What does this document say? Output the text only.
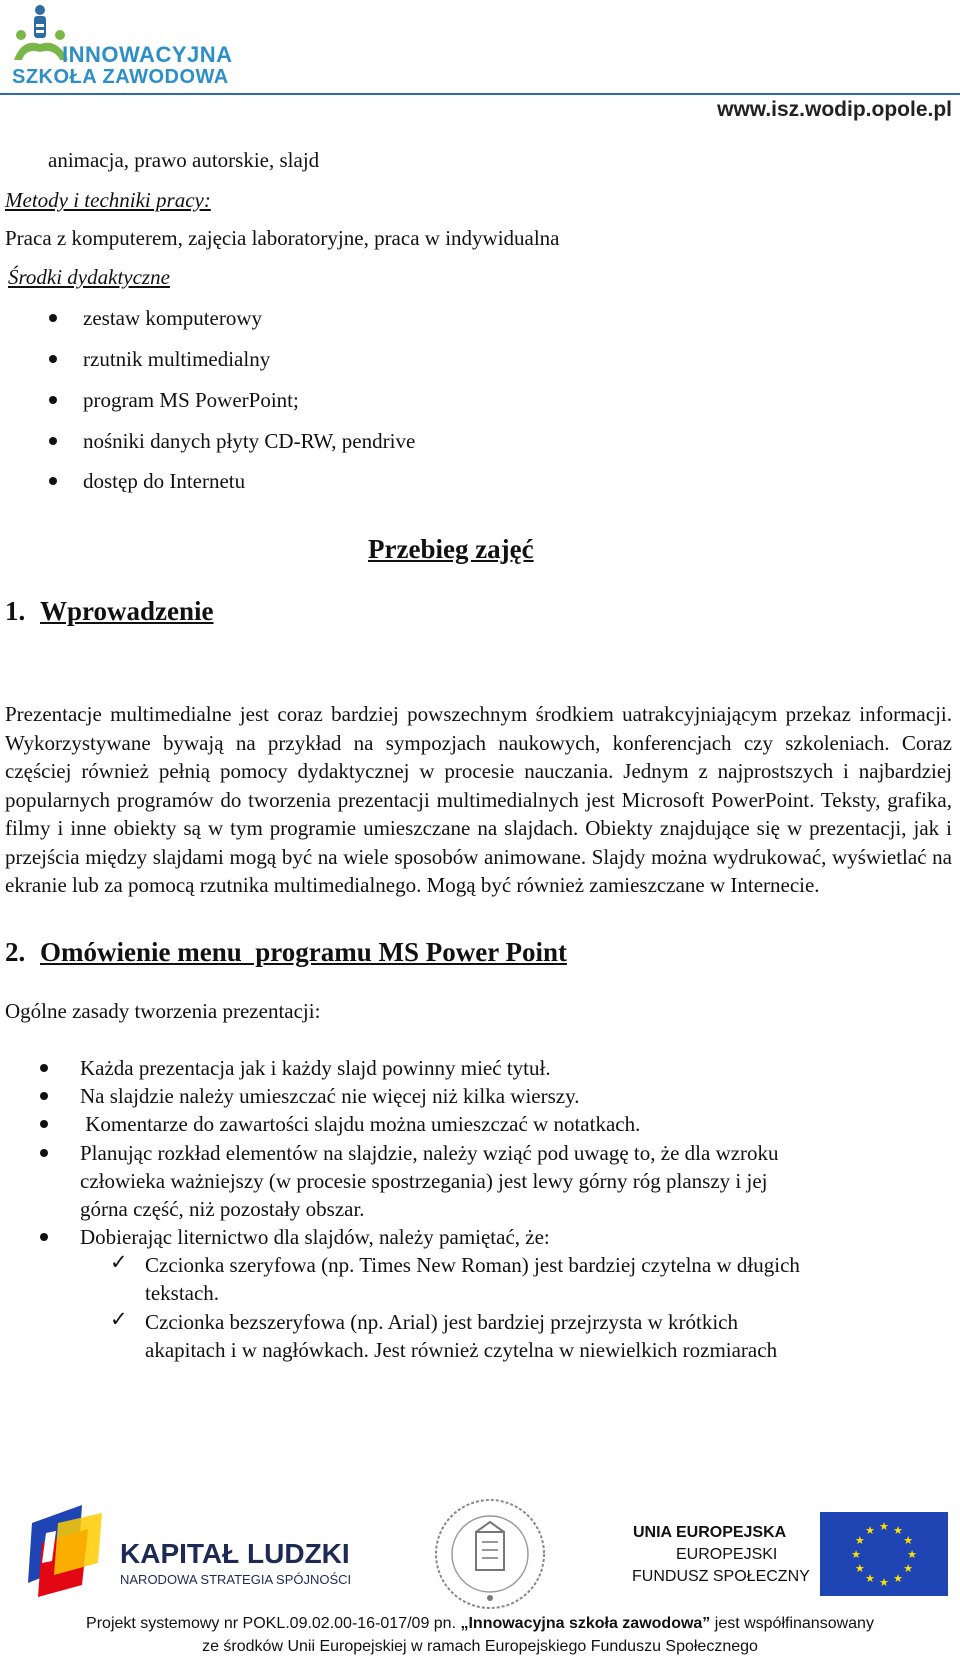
INNOWACYJNA
SZKOŁA ZAWODOWA
www.isz.wodip.opole.pl
animacja, prawo autorskie, slajd
Metody i techniki pracy:
Praca z komputerem, zajęcia laboratoryjne, praca w indywidualna
Środki dydaktyczne
zestaw komputerowy
rzutnik multimedialny
program MS PowerPoint;
nośniki danych płyty CD-RW, pendrive
dostęp do Internetu
Przebieg zajęć
1. Wprowadzenie
Prezentacje multimedialne jest coraz bardziej powszechnym środkiem uatrakcyjniającym przekaz informacji. Wykorzystywane bywają na przykład na sympozjach naukowych, konferencjach czy szkoleniach. Coraz częściej również pełnią pomocy dydaktycznej w procesie nauczania. Jednym z najprostszych i najbardziej popularnych programów do tworzenia prezentacji multimedialnych jest Microsoft PowerPoint. Teksty, grafika, filmy i inne obiekty są w tym programie umieszczane na slajdach. Obiekty znajdujące się w prezentacji, jak i przejścia między slajdami mogą być na wiele sposobów animowane. Slajdy można wydrukować, wyświetlać na ekranie lub za pomocą rzutnika multimedialnego. Mogą być również zamieszczane w Internecie.
2. Omówienie menu  programu MS Power Point
Ogólne zasady tworzenia prezentacji:
Każda prezentacja jak i każdy slajd powinny mieć tytuł.
Na slajdzie należy umieszczać nie więcej niż kilka wierszy.
Komentarze do zawartości slajdu można umieszczać w notatkach.
Planując rozkład elementów na slajdzie, należy wziąć pod uwagę to, że dla wzroku
człowieka ważniejszy (w procesie spostrzegania) jest lewy górny róg planszy i jej
górna część, niż pozostały obszar.
Dobierając liternictwo dla slajdów, należy pamiętać, że:
✓ Czcionka szeryfowa (np. Times New Roman) jest bardziej czytelna w długich
tekstach.
✓ Czcionka bezszeryfowa (np. Arial) jest bardziej przejrzysta w krótkich
akapitach i w nagłówkach. Jest również czytelna w niewielkich rozmiarach
KAPITAŁ LUDZKI
NARODOWA STRATEGIA SPÓJNOŚCI
UNIA EUROPEJSKA
EUROPEJSKI
FUNDUSZ SPOŁECZNY
★ ★
★
★
★
★
★
★
★
★
★
★
Projekt systemowy nr POKL.09.02.00-16-017/09 pn. „Innowacyjna szkoła zawodowa” jest współfinansowany
ze środków Unii Europejskiej w ramach Europejskiego Funduszu Społecznego
